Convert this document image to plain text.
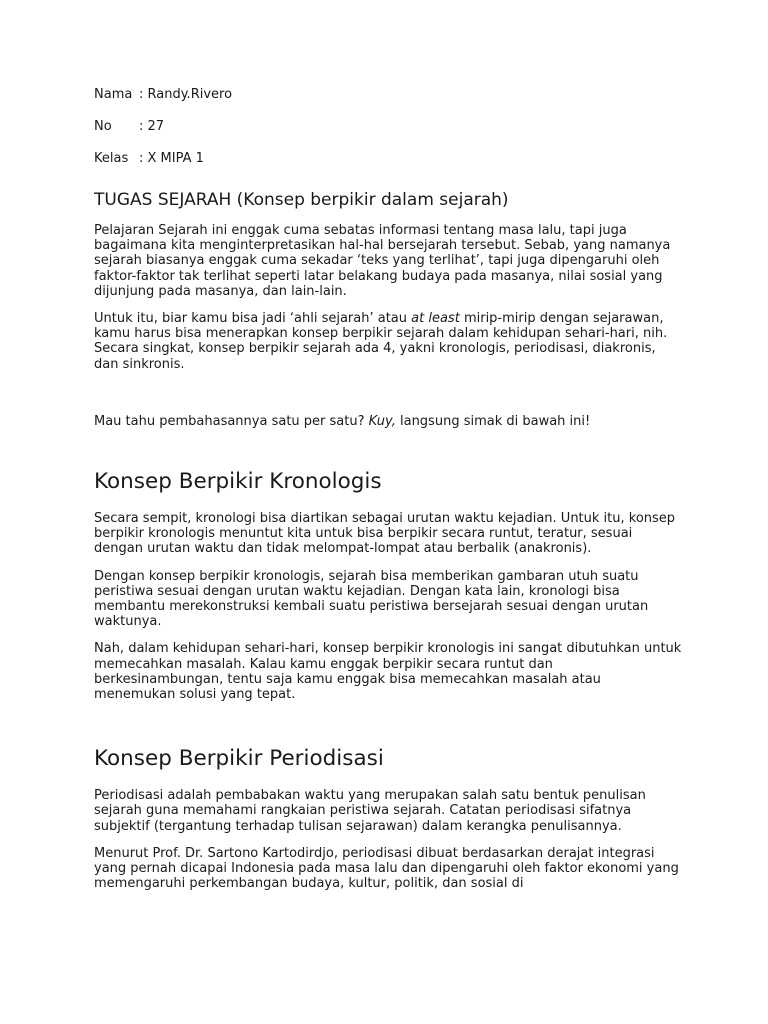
Nama : Randy.Rivero
No : 27
Kelas : X MIPA 1
TUGAS SEJARAH (Konsep berpikir dalam sejarah)

Pelajaran Sejarah ini enggak cuma sebatas informasi tentang masa lalu, tapi juga bagaimana kita menginterpretasikan hal-hal bersejarah tersebut. Sebab, yang namanya sejarah biasanya enggak cuma sekadar ‘teks yang terlihat’, tapi juga dipengaruhi oleh faktor-faktor tak terlihat seperti latar belakang budaya pada masanya, nilai sosial yang dijunjung pada masanya, dan lain-lain.

Untuk itu, biar kamu bisa jadi ‘ahli sejarah’ atau at least mirip-mirip dengan sejarawan, kamu harus bisa menerapkan konsep berpikir sejarah dalam kehidupan sehari-hari, nih. Secara singkat, konsep berpikir sejarah ada 4, yakni kronologis, periodisasi, diakronis, dan sinkronis.

Mau tahu pembahasannya satu per satu? Kuy, langsung simak di bawah ini!

Konsep Berpikir Kronologis

Secara sempit, kronologi bisa diartikan sebagai urutan waktu kejadian. Untuk itu, konsep berpikir kronologis menuntut kita untuk bisa berpikir secara runtut, teratur, sesuai dengan urutan waktu dan tidak melompat-lompat atau berbalik (anakronis).

Dengan konsep berpikir kronologis, sejarah bisa memberikan gambaran utuh suatu peristiwa sesuai dengan urutan waktu kejadian. Dengan kata lain, kronologi bisa membantu merekonstruksi kembali suatu peristiwa bersejarah sesuai dengan urutan waktunya.

Nah, dalam kehidupan sehari-hari, konsep berpikir kronologis ini sangat dibutuhkan untuk memecahkan masalah. Kalau kamu enggak berpikir secara runtut dan berkesinambungan, tentu saja kamu enggak bisa memecahkan masalah atau menemukan solusi yang tepat.

Konsep Berpikir Periodisasi

Periodisasi adalah pembabakan waktu yang merupakan salah satu bentuk penulisan sejarah guna memahami rangkaian peristiwa sejarah. Catatan periodisasi sifatnya subjektif (tergantung terhadap tulisan sejarawan) dalam kerangka penulisannya.

Menurut Prof. Dr. Sartono Kartodirdjo, periodisasi dibuat berdasarkan derajat integrasi yang pernah dicapai Indonesia pada masa lalu dan dipengaruhi oleh faktor ekonomi yang memengaruhi perkembangan budaya, kultur, politik, dan sosial di
